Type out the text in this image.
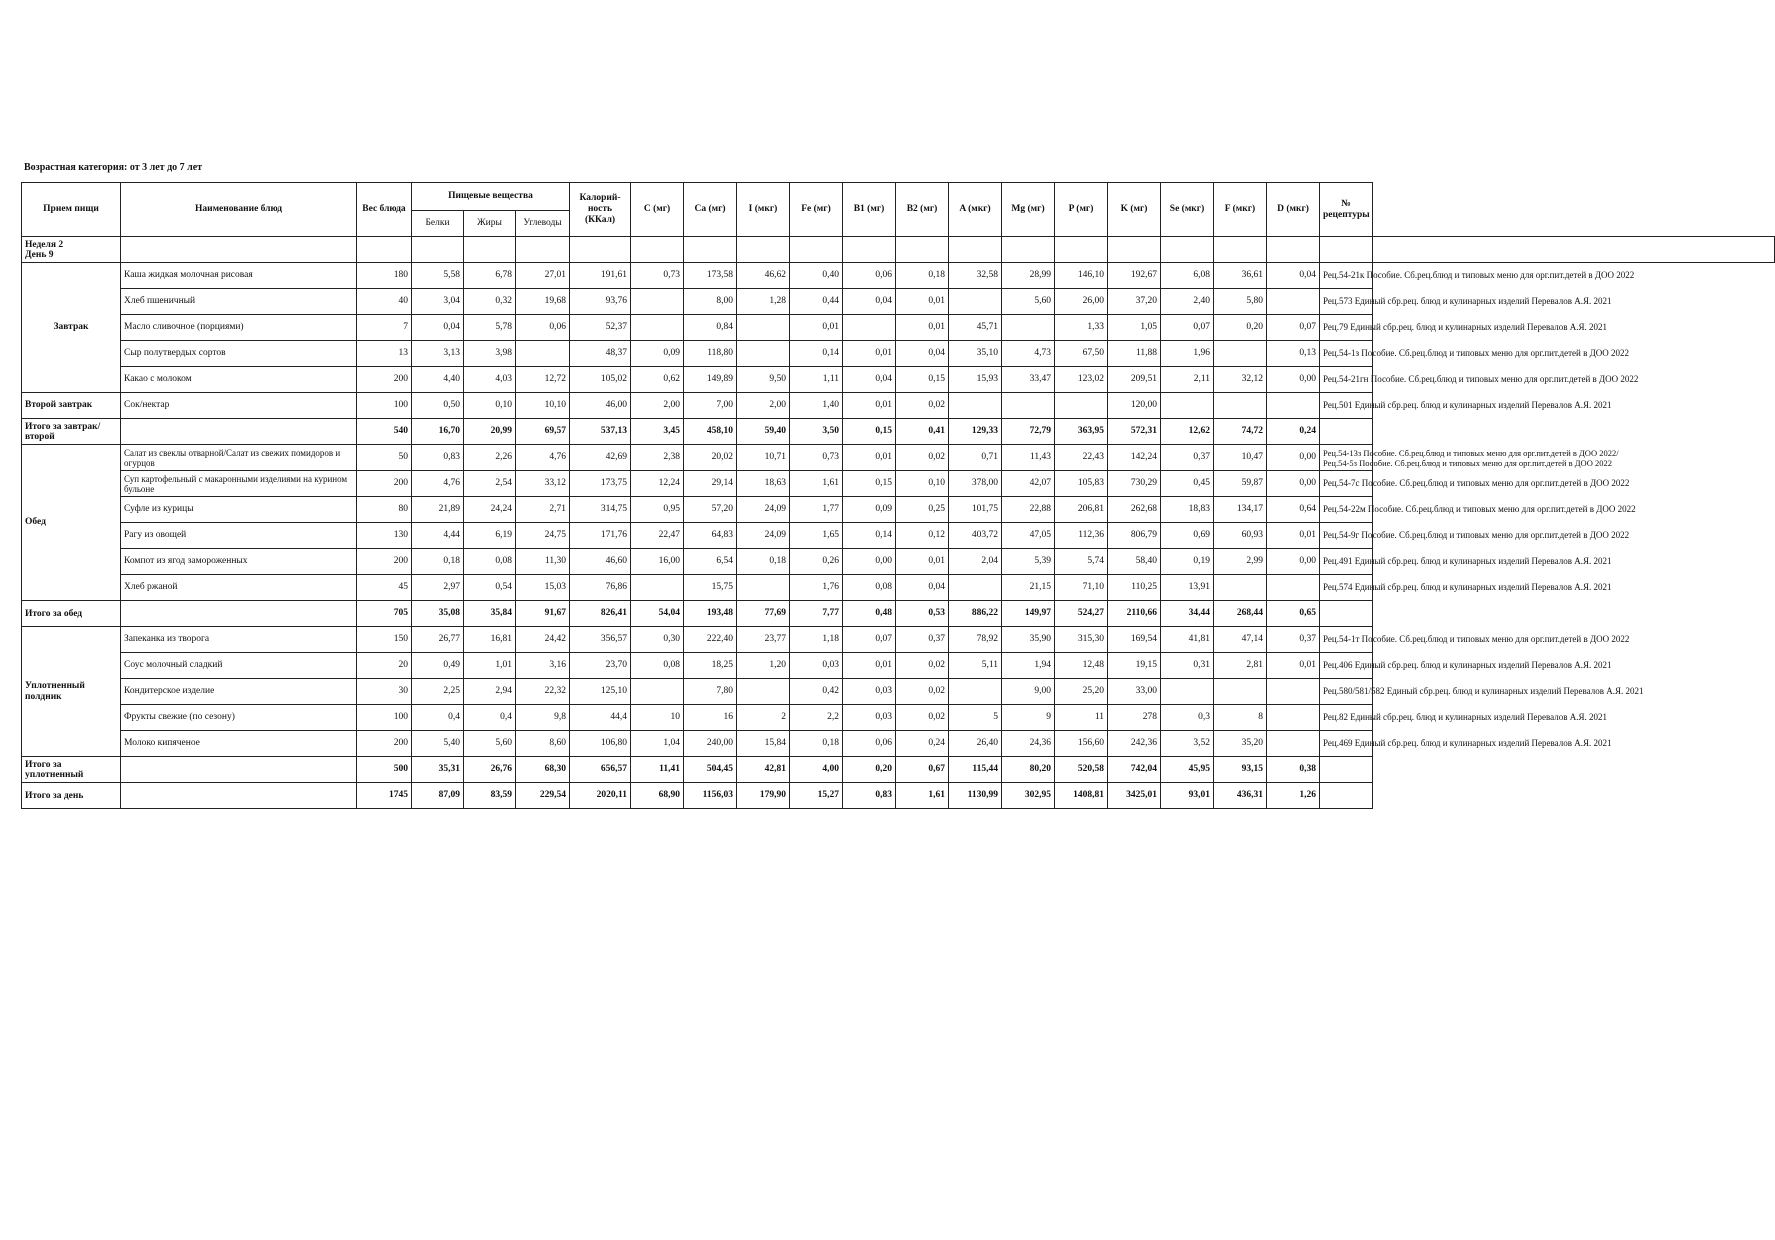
Возрастная категория: от 3 лет до 7 лет
Прием пищи	Наименование блюд	Вес блюда	Пищевые вещества			Калорий-ность (ККал)	C (мг)	Ca (мг)	I (мкг)	Fe (мг)	B1 (мг)	B2 (мг)	A (мкг)	Mg (мг)	P (мг)	K (мг)	Se (мкг)	F (мкг)	D (мкг)	№ рецептуры	
			Белки	Жиры	Углеводы																
Неделя 2
День 9																					
Завтрак	Каша жидкая молочная рисовая	180	5,58	6,78	27,01	191,61	0,73	173,58	46,62	0,40	0,06	0,18	32,58	28,99	146,10	192,67	6,08	36,61	0,04	Рец.54-21к Пособие. Сб.рец.блюд и типовых меню для орг.пит.детей в ДОО 2022	

	Хлеб пшеничный	40	3,04	0,32	19,68	93,76		8,00	1,28	0,44	0,04	0,01		5,60	26,00	37,20	2,40	5,80		Рец.573 Единый сбр.рец. блюд и кулинарных изделий Перевалов А.Я. 2021	

	Масло сливочное (порциями)	7	0,04	5,78	0,06	52,37		0,84		0,01		0,01	45,71		1,33	1,05	0,07	0,20	0,07	Рец.79 Единый сбр.рец. блюд и кулинарных изделий Перевалов А.Я. 2021	

	Сыр полутвердых сортов	13	3,13	3,98		48,37	0,09	118,80		0,14	0,01	0,04	35,10	4,73	67,50	11,88	1,96		0,13	Рец.54-1з Пособие. Сб.рец.блюд и типовых меню для орг.пит.детей в ДОО 2022	

	Какао с молоком	200	4,40	4,03	12,72	105,02	0,62	149,89	9,50	1,11	0,04	0,15	15,93	33,47	123,02	209,51	2,11	32,12	0,00	Рец.54-21гн Пособие. Сб.рец.блюд и типовых меню для орг.пит.детей в ДОО 2022	

Второй завтрак	Сок/нектар	100	0,50	0,10	10,10	46,00	2,00	7,00	2,00	1,40	0,01	0,02				120,00				Рец.501 Единый сбр.рец. блюд и кулинарных изделий Перевалов А.Я. 2021	

Итого за завтрак/второй		540	16,70	20,99	69,57	537,13	3,45	458,10	59,40	3,50	0,15	0,41	129,33	72,79	363,95	572,31	12,62	74,72	0,24		
Обед	Салат из свеклы отварной/Салат из свежих помидоров и огурцов	50	0,83	2,26	4,76	42,69	2,38	20,02	10,71	0,73	0,01	0,02	0,71	11,43	22,43	142,24	0,37	10,47	0,00	Рец.54-13з Пособие. Сб.рец.блюд и типовых меню для орг.пит.детей в ДОО 2022/
Рец.54-5з Пособие. Сб.рец.блюд и типовых меню для орг.пит.детей в ДОО 2022	

	Суп картофельный с макаронными изделиями на курином бульоне	200	4,76	2,54	33,12	173,75	12,24	29,14	18,63	1,61	0,15	0,10	378,00	42,07	105,83	730,29	0,45	59,87	0,00	Рец.54-7с Пособие. Сб.рец.блюд и типовых меню для орг.пит.детей в ДОО 2022	

	Суфле из курицы	80	21,89	24,24	2,71	314,75	0,95	57,20	24,09	1,77	0,09	0,25	101,75	22,88	206,81	262,68	18,83	134,17	0,64	Рец.54-22м Пособие. Сб.рец.блюд и типовых меню для орг.пит.детей в ДОО 2022	

	Рагу из овощей	130	4,44	6,19	24,75	171,76	22,47	64,83	24,09	1,65	0,14	0,12	403,72	47,05	112,36	806,79	0,69	60,93	0,01	Рец.54-9г Пособие. Сб.рец.блюд и типовых меню для орг.пит.детей в ДОО 2022	

	Компот из ягод замороженных	200	0,18	0,08	11,30	46,60	16,00	6,54	0,18	0,26	0,00	0,01	2,04	5,39	5,74	58,40	0,19	2,99	0,00	Рец.491 Единый сбр.рец. блюд и кулинарных изделий Перевалов А.Я. 2021	

	Хлеб ржаной	45	2,97	0,54	15,03	76,86		15,75		1,76	0,08	0,04		21,15	71,10	110,25	13,91			Рец.574 Единый сбр.рец. блюд и кулинарных изделий Перевалов А.Я. 2021	

Итого за обед		705	35,08	35,84	91,67	826,41	54,04	193,48	77,69	7,77	0,48	0,53	886,22	149,97	524,27	2110,66	34,44	268,44	0,65		
Уплотненный полдник	Запеканка из творога	150	26,77	16,81	24,42	356,57	0,30	222,40	23,77	1,18	0,07	0,37	78,92	35,90	315,30	169,54	41,81	47,14	0,37	Рец.54-1т Пособие. Сб.рец.блюд и типовых меню для орг.пит.детей в ДОО 2022	

	Соус молочный сладкий	20	0,49	1,01	3,16	23,70	0,08	18,25	1,20	0,03	0,01	0,02	5,11	1,94	12,48	19,15	0,31	2,81	0,01	Рец.406 Единый сбр.рец. блюд и кулинарных изделий Перевалов А.Я. 2021	

	Кондитерское изделие	30	2,25	2,94	22,32	125,10		7,80		0,42	0,03	0,02		9,00	25,20	33,00				Рец.580/581/582 Единый сбр.рец. блюд и кулинарных изделий Перевалов А.Я. 2021	

	Фрукты свежие (по сезону)	100	0,4	0,4	9,8	44,4	10	16	2	2,2	0,03	0,02	5	9	11	278	0,3	8		Рец.82 Единый сбр.рец. блюд и кулинарных изделий Перевалов А.Я. 2021	

	Молоко кипяченое	200	5,40	5,60	8,60	106,80	1,04	240,00	15,84	0,18	0,06	0,24	26,40	24,36	156,60	242,36	3,52	35,20		Рец.469 Единый сбр.рец. блюд и кулинарных изделий Перевалов А.Я. 2021	

Итого за уплотненный		500	35,31	26,76	68,30	656,57	11,41	504,45	42,81	4,00	0,20	0,67	115,44	80,20	520,58	742,04	45,95	93,15	0,38		
Итого за день		1745	87,09	83,59	229,54	2020,11	68,90	1156,03	179,90	15,27	0,83	1,61	1130,99	302,95	1408,81	3425,01	93,01	436,31	1,26		
